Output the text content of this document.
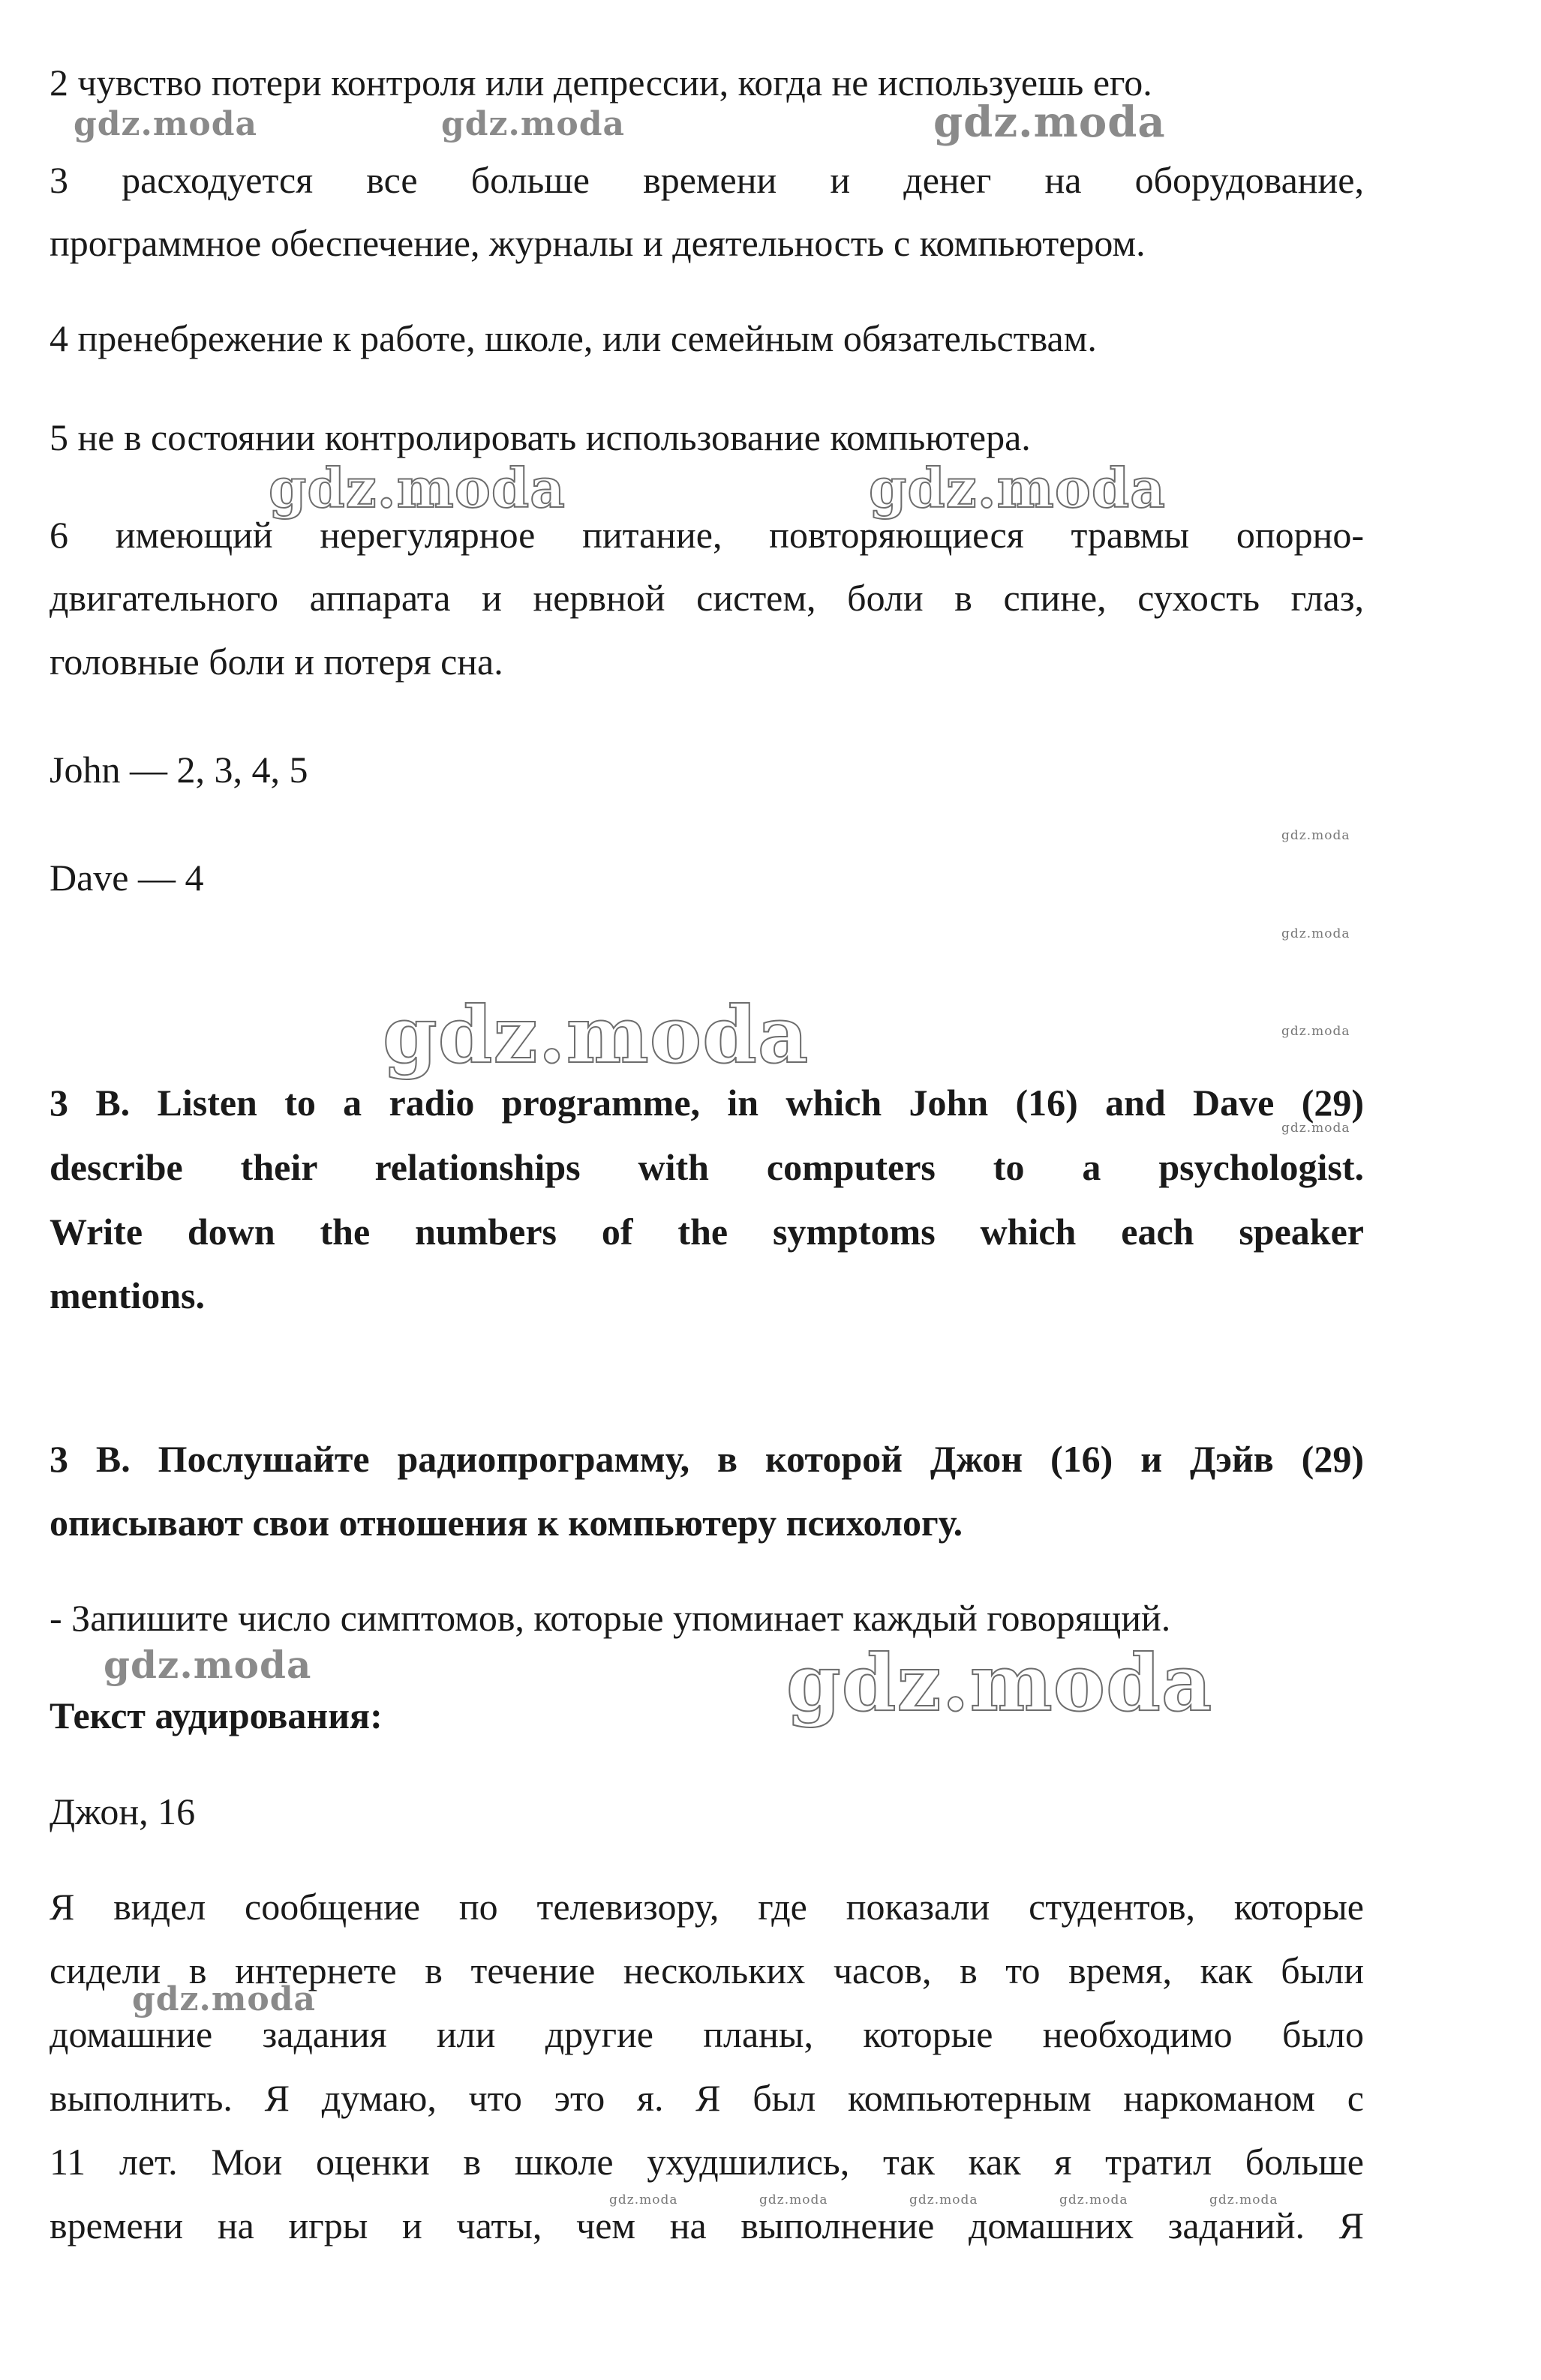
2 чувство потери контроля или депрессии, когда не используешь его.
3 расходуется все больше времени и денег на оборудование,
программное обеспечение, журналы и деятельность с компьютером.
4 пренебрежение к работе, школе, или семейным обязательствам.
5 не в состоянии контролировать использование компьютера.
6 имеющий нерегулярное питание, повторяющиеся травмы опорно-
двигательного аппарата и нервной систем, боли в спине, сухость глаз,
головные боли и потеря сна.
John — 2, 3, 4, 5
Dave — 4
3 B. Listen to a radio programme, in which John (16) and Dave (29)
describe their relationships with computers to a psychologist.
Write down the numbers of the symptoms which each speaker
mentions.
3 B. Послушайте радиопрограмму, в которой Джон (16) и Дэйв (29)
описывают свои отношения к компьютеру психологу.
- Запишите число симптомов, которые упоминает каждый говорящий.
Текст аудирования:
Джон, 16
Я видел сообщение по телевизору, где показали студентов, которые
сидели в интернете в течение нескольких часов, в то время, как были
домашние задания или другие планы, которые необходимо было
выполнить. Я думаю, что это я. Я был компьютерным наркоманом с
11 лет. Мои оценки в школе ухудшились, так как я тратил больше
времени на игры и чаты, чем на выполнение домашних заданий. Я
gdz.moda	gdz.moda	gdz.moda
gdz.moda	gdz.moda
gdz.moda
gdz.moda
gdz.moda
gdz.moda
gdz.moda
gdz.moda	gdz.moda
gdz.moda
gdz.moda	gdz.moda	gdz.moda	gdz.moda	gdz.moda
